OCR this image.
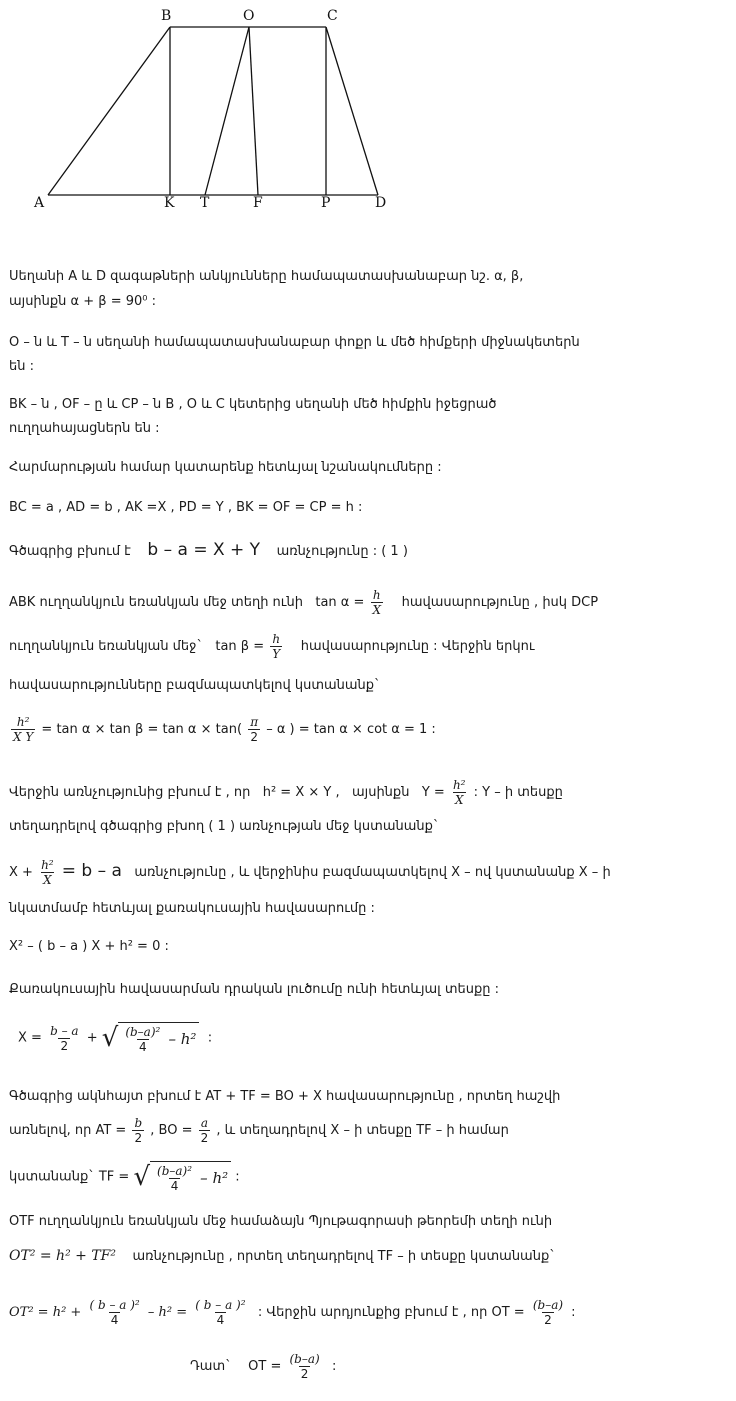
A
B	O	C
K T	F	P	D
Սեղանի A և D զագաթների անկյունները համապատասխանաբար նշ. α, β,
այսինքն α + β = 90⁰ :
O – ն և T – ն սեղանի համապատասխանաբար փոքր և մեծ հիմքերի միջնակետերն
են :
BK – ն , OF – ը և CP – ն B , O և C կետերից սեղանի մեծ հիմքին իջեցրած
ուղղահայացներն են :
Հարմարության համար կատարենք հետևյալ նշանակումները :
BC = a , AD = b , AK =X , PD = Y , BK = OF = CP = h :
Գծագրից բխում է b – a = X + Y առնչությունը : ( 1 )
ABK ուղղանկյուն եռանկյան մեջ տեղի ունի $\tan \alpha = \frac{h}{X}$ հավասարությունը , իսկ DCP
ուղղանկյուն եռանկյան մեջ` $\tan \beta = \frac{h}{Y}$ հավասարությունը : Վերջին երկու
հավասարությունները բազմապատկելով կստանանք`
$\frac{\text{h²}}{\text{X Y}} = \tan \alpha \times \tan \beta = \tan \alpha \times \tan( \frac{\pi}{2} - \alpha$ ) = tan α × cot α = 1 :
Վերջին առնչությունից բխում է , որ h² = X × Y , այսինքն $Y = \frac{\text{h²}}{X}$ : Y – ի տեսքը
տեղադրելով գծագրից բխող ( 1 ) առնչության մեջ կստանանք`
$X + \frac{\text{h²}}{X} = b - a$ առնչությունը , և վերջինիս բազմապատկելով X – ով կստանանք X – ի
նկատմամբ հետևյալ քառակուսային հավասարումը :
X² – ( b – a ) X + h² = 0 :
Քառակուսային հավասարման դրական լուծումը ունի հետևյալ տեսքը :
$X = \frac{b - a}{2}$ + √ (b–a)²
4
– h² :
Գծագրից ակնհայտ բխում է AT + TF = BO + X հավասարությունը , որտեղ հաշվի
առնելով, որ AT = $\frac{b}{2}$ , BO = $\frac{a}{2}$ , և տեղադրելով X – ի տեսքը TF – ի համար
կստանանք` TF = √ (b–a)²
4
– h² :
OTF ուղղանկյուն եռանկյան մեջ համաձայն Պյութագորասի թեորեմի տեղի ունի
OT² = h² + TF² առնչությունը , որտեղ տեղադրելով TF – ի տեսքը կստանանք`
$OT^2 = h^2 + \frac{\text{( b – a )²}}{4} - h^2 = \frac{\text{( b – a )²}}{4}$ : Վերջին արդյունքից բխում է , որ OT = $\frac{(b-a)}{2}$ :
Դատ` OT = $\frac{(b-a)}{2}$ :
